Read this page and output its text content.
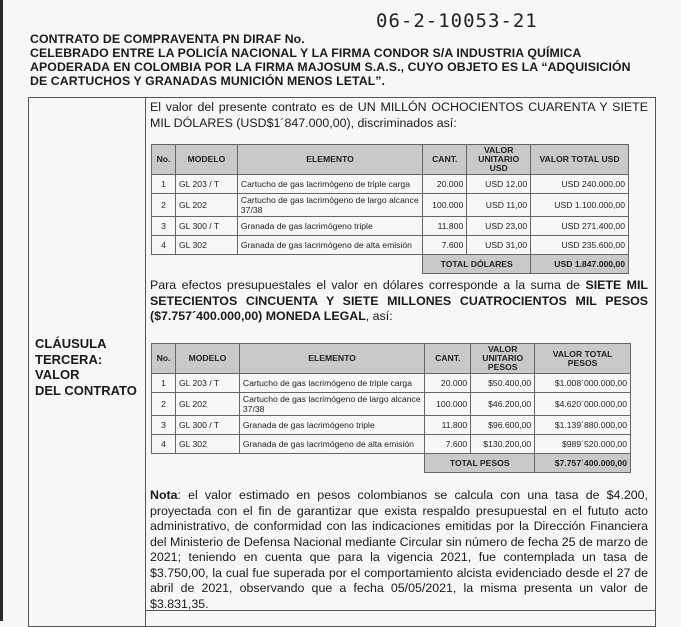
06-2-10053-21
CONTRATO DE COMPRAVENTA PN DIRAF No.
CELEBRADO ENTRE LA POLICÍA NACIONAL Y LA FIRMA CONDOR S/A INDUSTRIA QUÍMICA
APODERADA EN COLOMBIA POR LA FIRMA MAJOSUM S.A.S., CUYO OBJETO ES LA “ADQUISICIÓN
DE CARTUCHOS Y GRANADAS MUNICIÓN MENOS LETAL”.
CLÁUSULA
TERCERA: VALOR
DEL CONTRATO
El valor del presente contrato es de UN MILLÓN OCHOCIENTOS CUARENTA Y SIETE MIL DÓLARES (USD$1´847.000,00), discriminados así:
No.	MODELO	ELEMENTO	CANT.	VALOR UNITARIO USD	VALOR TOTAL USD
1	GL 203 / T	Cartucho de gas lacrimógeno de triple carga	20.000	USD 12,00	USD 240.000,00
2	GL 202	Cartucho de gas lacrimógeno de largo alcance 37/38	100.000	USD 11,00	USD 1.100.000,00
3	GL 300 / T	Granada de gas lacrimógeno triple	11.800	USD 23,00	USD 271.400,00
4	GL 302	Granada de gas lacrimógeno de alta emisión	7.600	USD 31,00	USD 235.600,00
			TOTAL DÓLARES		USD 1.847.000,00
Para efectos presupuestales el valor en dólares corresponde a la suma de SIETE MIL SETECIENTOS CINCUENTA Y SIETE MILLONES CUATROCIENTOS MIL PESOS ($7.757´400.000,00) MONEDA LEGAL, así:
No.	MODELO	ELEMENTO	CANT.	VALOR UNITARIO PESOS	VALOR TOTAL PESOS
1	GL 203 / T	Cartucho de gas lacrimógeno de triple carga	20.000	$50.400,00	$1.008´000.000,00
2	GL 202	Cartucho de gas lacrimógeno de largo alcance 37/38	100.000	$46.200,00	$4.620´000.000,00
3	GL 300 / T	Granada de gas lacrimógeno triple	11.800	$96.600,00	$1.139´880.000,00
4	GL 302	Granada de gas lacrimógeno de alta emisión	7.600	$130.200,00	$989´520.000,00
			TOTAL PESOS		$7.757´400.000,00
Nota: el valor estimado en pesos colombianos se calcula con una tasa de $4.200, proyectada con el fin de garantizar que exista respaldo presupuestal en el fututo acto administrativo, de conformidad con las indicaciones emitidas por la Dirección Financiera del Ministerio de Defensa Nacional mediante Circular sin número de fecha 25 de marzo de 2021; teniendo en cuenta que para la vigencia 2021, fue contemplada un tasa de $3.750,00, la cual fue superada por el comportamiento alcista evidenciado desde el 27 de abril de 2021, observando que a fecha 05/05/2021, la misma presenta un valor de $3.831,35.
